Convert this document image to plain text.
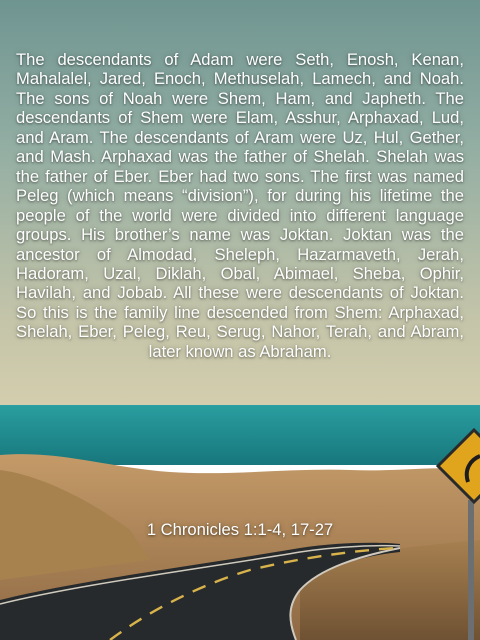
The descendants of Adam were Seth, Enosh, Kenan, Mahalalel, Jared, Enoch, Methuselah, Lamech, and Noah. The sons of Noah were Shem, Ham, and Japheth. The descendants of Shem were Elam, Asshur, Arphaxad, Lud, and Aram. The descendants of Aram were Uz, Hul, Gether, and Mash. Arphaxad was the father of Shelah. Shelah was the father of Eber. Eber had two sons. The first was named Peleg (which means “division”), for during his lifetime the people of the world were divided into different language groups. His brother’s name was Joktan. Joktan was the ancestor of Almodad, Sheleph, Hazarmaveth, Jerah, Hadoram, Uzal, Diklah, Obal, Abimael, Sheba, Ophir, Havilah, and Jobab. All these were descendants of Joktan. So this is the family line descended from Shem: Arphaxad, Shelah, Eber, Peleg, Reu, Serug, Nahor, Terah, and Abram, later known as Abraham.

1 Chronicles 1:1-4, 17-27
